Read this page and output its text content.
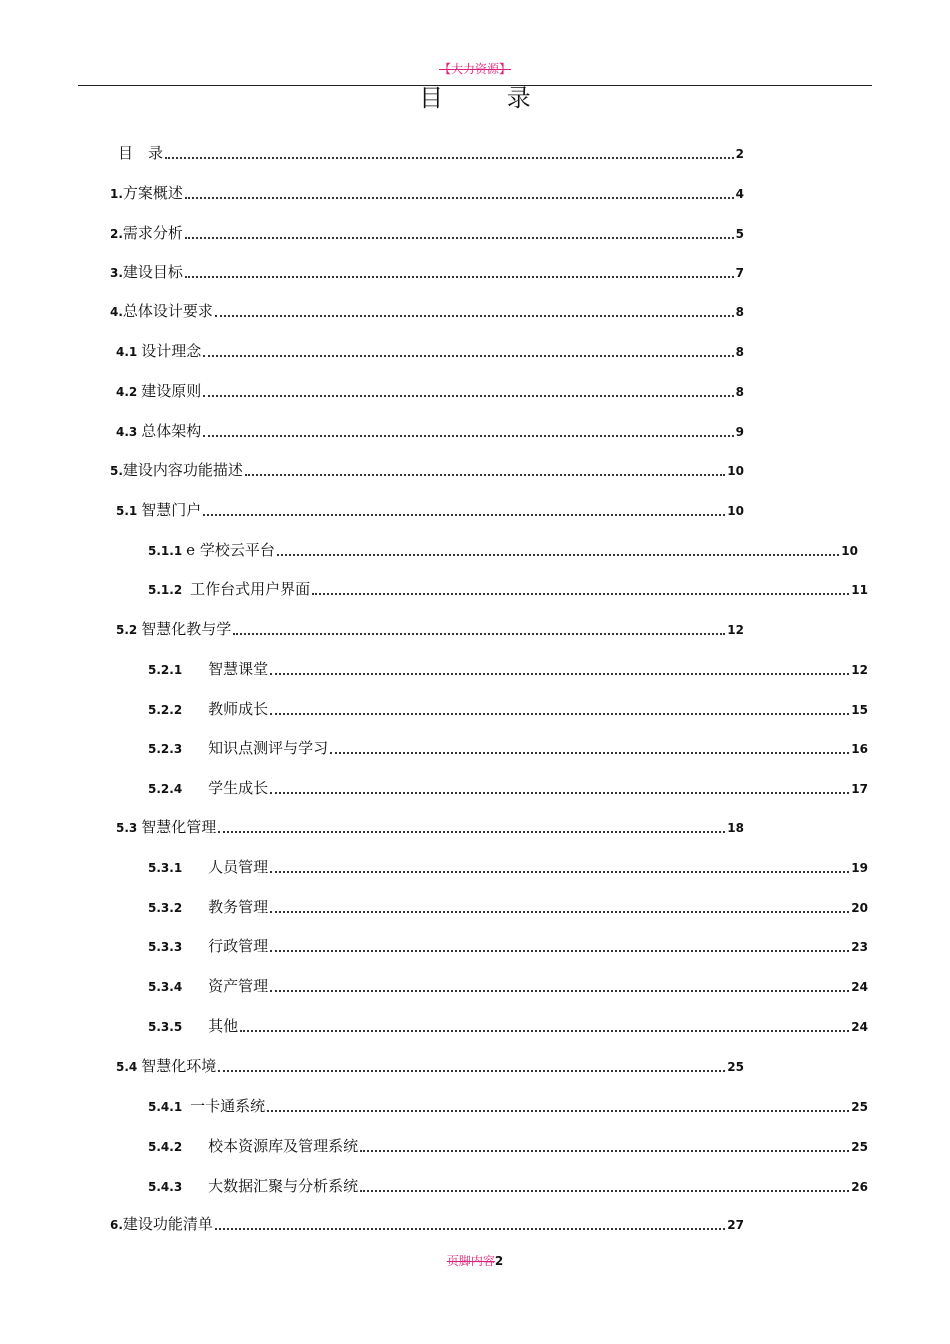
【大力资源】
目 录
目　录	2
1. 方案概述	4
2. 需求分析	5
3. 建设目标	7
4. 总体设计要求	8
4.1 设计理念	8
4.2 建设原则	8
4.3 总体架构	9
5. 建设内容功能描述	10
5.1 智慧门户	10
5.1.1 e 学校云平台	10
5.1.2 工作台式用户界面	11
5.2 智慧化教与学	12
5.2.1 智慧课堂	12
5.2.2 教师成长	15
5.2.3 知识点测评与学习	16
5.2.4 学生成长	17
5.3 智慧化管理	18
5.3.1 人员管理	19
5.3.2 教务管理	20
5.3.3 行政管理	23
5.3.4 资产管理	24
5.3.5 其他	24
5.4 智慧化环境	25
5.4.1 一卡通系统	25
5.4.2 校本资源库及管理系统	25
5.4.3 大数据汇聚与分析系统	26
6. 建设功能清单	27
页脚内容2
